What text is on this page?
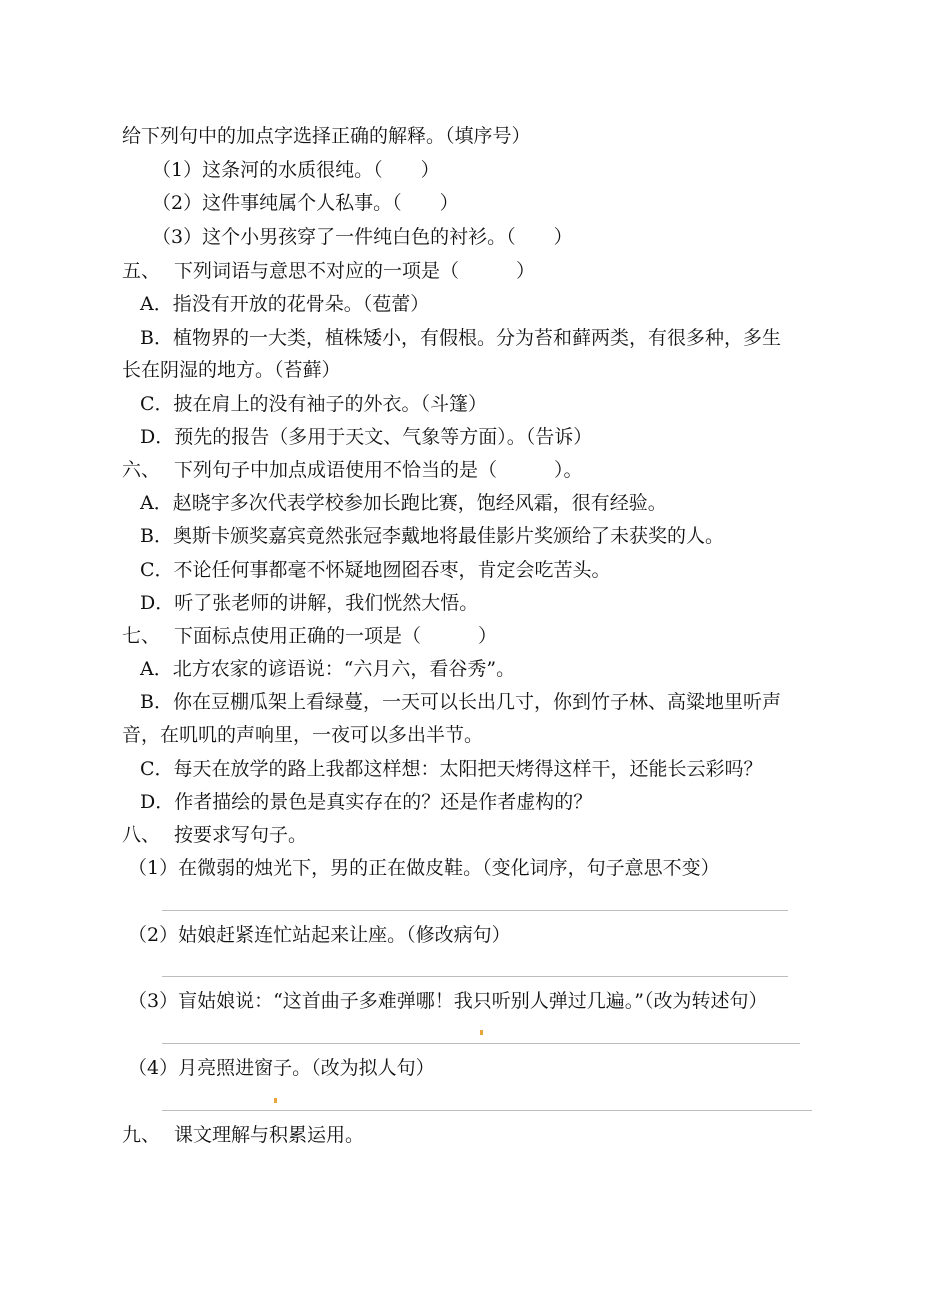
给下列句中的加点字选择正确的解释。（填序号）
（1）这条河的水质很纯。（　　）
（2）这件事纯属个人私事。（　　）
（3）这个小男孩穿了一件纯白色的衬衫。（　　）
五、 下列词语与意思不对应的一项是（　　　）
A．指没有开放的花骨朵。（苞蕾）
B．植物界的一大类，植株矮小，有假根。分为苔和藓两类，有很多种，多生
长在阴湿的地方。（苔藓）
C．披在肩上的没有袖子的外衣。（斗篷）
D．预先的报告（多用于天文、气象等方面）。（告诉）
六、 下列句子中加点成语使用不恰当的是（　　　）。
A．赵晓宇多次代表学校参加长跑比赛，饱经风霜，很有经验。
B．奥斯卡颁奖嘉宾竟然张冠李戴地将最佳影片奖颁给了未获奖的人。
C．不论任何事都毫不怀疑地囫囵吞枣，肯定会吃苦头。
D．听了张老师的讲解，我们恍然大悟。
七、 下面标点使用正确的一项是（　　　）
A．北方农家的谚语说：“六月六，看谷秀”。
B．你在豆棚瓜架上看绿蔓，一天可以长出几寸，你到竹子林、高粱地里听声
音，在叽叽的声响里，一夜可以多出半节。
C．每天在放学的路上我都这样想：太阳把天烤得这样干，还能长云彩吗？
D．作者描绘的景色是真实存在的？还是作者虚构的？
八、 按要求写句子。
（1）在微弱的烛光下，男的正在做皮鞋。（变化词序，句子意思不变）
（2）姑娘赶紧连忙站起来让座。（修改病句）
（3）盲姑娘说：“这首曲子多难弹哪！我只听别人弹过几遍。”（改为转述句）
（4）月亮照进窗子。（改为拟人句）
九、 课文理解与积累运用。
